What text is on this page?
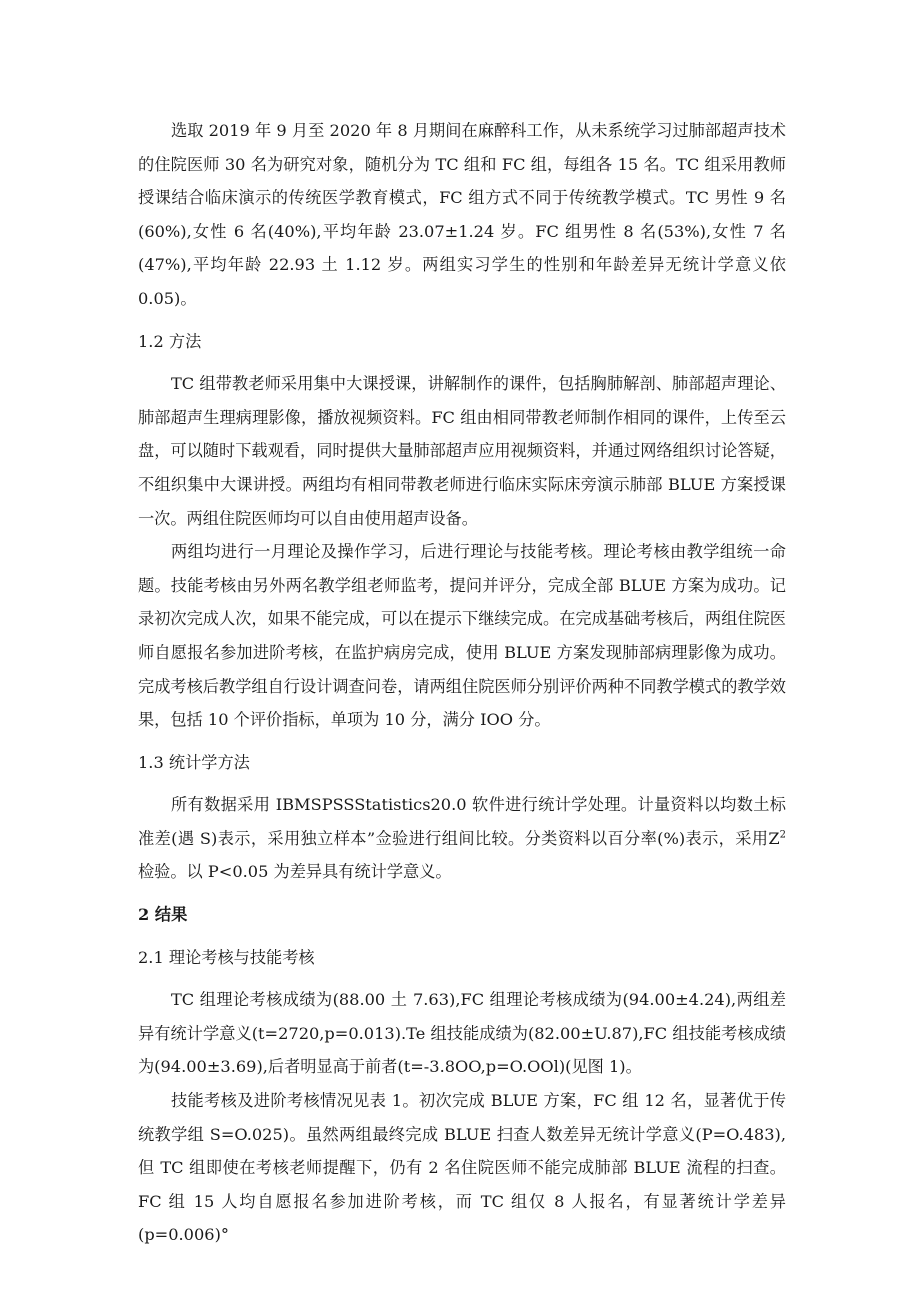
选取 2019 年 9 月至 2020 年 8 月期间在麻醉科工作，从未系统学习过肺部超声技术的住院医师 30 名为研究对象，随机分为 TC 组和 FC 组，每组各 15 名。TC 组采用教师授课结合临床演示的传统医学教育模式，FC 组方式不同于传统教学模式。TC 男性 9 名(60%),女性 6 名(40%),平均年龄 23.07±1.24 岁。FC 组男性 8 名(53%),女性 7 名(47%),平均年龄 22.93 土 1.12 岁。两组实习学生的性别和年龄差异无统计学意义依 0.05)。

1.2 方法

TC 组带教老师采用集中大课授课，讲解制作的课件，包括胸肺解剖、肺部超声理论、肺部超声生理病理影像，播放视频资料。FC 组由相同带教老师制作相同的课件，上传至云盘，可以随时下载观看，同时提供大量肺部超声应用视频资料，并通过网络组织讨论答疑，不组织集中大课讲授。两组均有相同带教老师进行临床实际床旁演示肺部 BLUE 方案授课一次。两组住院医师均可以自由使用超声设备。

两组均进行一月理论及操作学习，后进行理论与技能考核。理论考核由教学组统一命题。技能考核由另外两名教学组老师监考，提问并评分，完成全部 BLUE 方案为成功。记录初次完成人次，如果不能完成，可以在提示下继续完成。在完成基础考核后，两组住院医师自愿报名参加进阶考核，在监护病房完成，使用 BLUE 方案发现肺部病理影像为成功。完成考核后教学组自行设计调查问卷，请两组住院医师分别评价两种不同教学模式的教学效果，包括 10 个评价指标，单项为 10 分，满分 IOO 分。

1.3 统计学方法

所有数据采用 IBMSPSSStatistics20.0 软件进行统计学处理。计量资料以均数土标准差(遇 S)表示，采用独立样本”佥验进行组间比较。分类资料以百分率(%)表示，采用$Z^2$ 检验。以 P<0.05 为差异具有统计学意义。

2 结果

2.1 理论考核与技能考核

TC 组理论考核成绩为(88.00 土 7.63),FC 组理论考核成绩为(94.00±4.24),两组差异有统计学意义(t=2720,p=0.013).Te 组技能成绩为(82.00±U.87),FC 组技能考核成绩为(94.00±3.69),后者明显高于前者(t=-3.8OO,p=O.OOl)(见图 1)。

技能考核及进阶考核情况见表 1。初次完成 BLUE 方案，FC 组 12 名，显著优于传统教学组 S=O.025)。虽然两组最终完成 BLUE 扫查人数差异无统计学意义(P=O.483),但 TC 组即使在考核老师提醒下，仍有 2 名住院医师不能完成肺部 BLUE 流程的扫查。FC 组 15 人均自愿报名参加进阶考核，而 TC 组仅 8 人报名，有显著统计学差异(p=0.006)°
